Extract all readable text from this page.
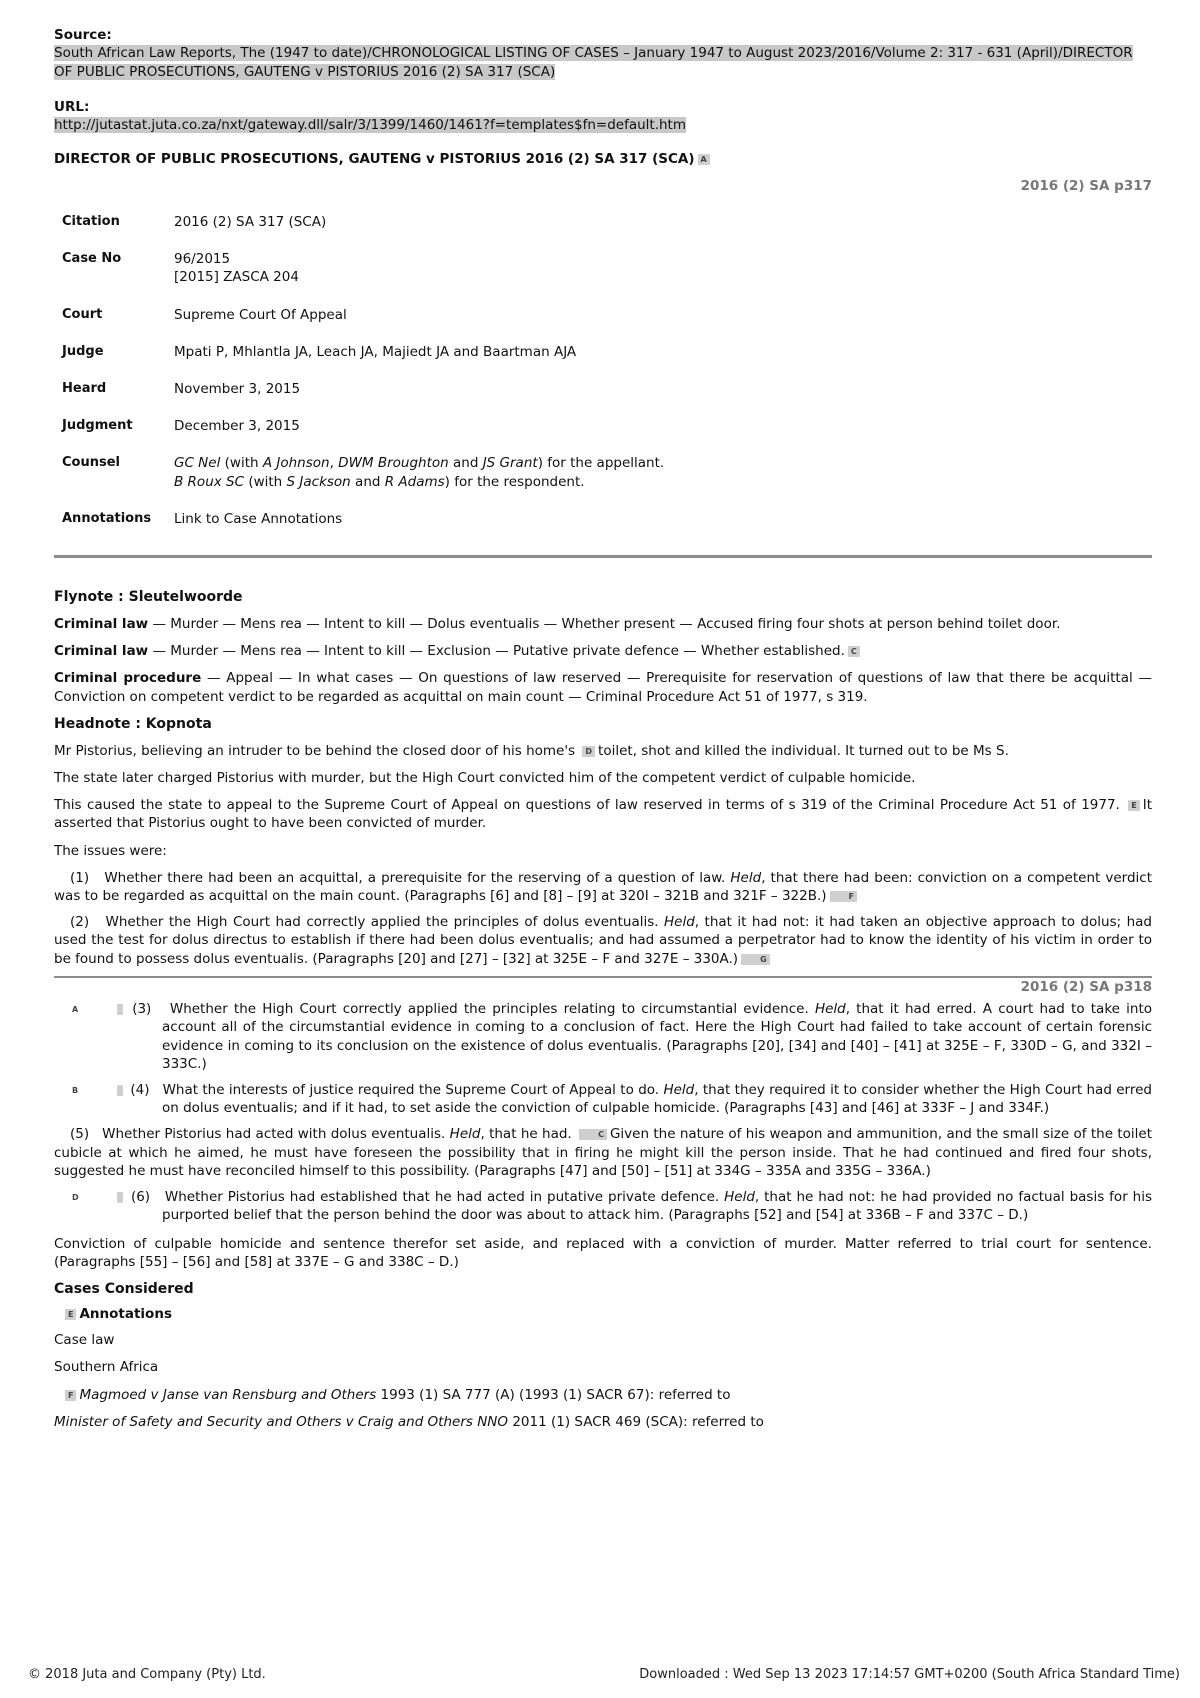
Source:
South African Law Reports, The (1947 to date)/CHRONOLOGICAL LISTING OF CASES – January 1947 to August 2023/2016/Volume 2: 317 - 631 (April)/DIRECTOR OF PUBLIC PROSECUTIONS, GAUTENG v PISTORIUS 2016 (2) SA 317 (SCA)
URL:
http://jutastat.juta.co.za/nxt/gateway.dll/salr/3/1399/1460/1461?f=templates$fn=default.htm
DIRECTOR OF PUBLIC PROSECUTIONS, GAUTENG v PISTORIUS 2016 (2) SA 317 (SCA) A
2016 (2) SA p317
Citation	2016 (2) SA 317 (SCA)
Case No	96/2015
[2015] ZASCA 204

Court	Supreme Court Of Appeal
Judge	Mpati P, Mhlantla JA, Leach JA, Majiedt JA and Baartman AJA
Heard	November 3, 2015
Judgment	December 3, 2015
Counsel	GC Nel (with A Johnson, DWM Broughton and JS Grant) for the appellant.
B Roux SC (with S Jackson and R Adams) for the respondent.

Annotations	Link to Case Annotations
Flynote : Sleutelwoorde

Criminal law — Murder — Mens rea — Intent to kill — Dolus eventualis — Whether present — Accused firing four shots at person behind toilet door.

Criminal law — Murder — Mens rea — Intent to kill — Exclusion — Putative private defence — Whether established. C

Criminal procedure — Appeal — In what cases — On questions of law reserved — Prerequisite for reservation of questions of law that there be acquittal — Conviction on competent verdict to be regarded as acquittal on main count — Criminal Procedure Act 51 of 1977, s 319.

Headnote : Kopnota

Mr Pistorius, believing an intruder to be behind the closed door of his home's D toilet, shot and killed the individual. It turned out to be Ms S.

The state later charged Pistorius with murder, but the High Court convicted him of the competent verdict of culpable homicide.

This caused the state to appeal to the Supreme Court of Appeal on questions of law reserved in terms of s 319 of the Criminal Procedure Act 51 of 1977. E It asserted that Pistorius ought to have been convicted of murder.

The issues were:

(1) Whether there had been an acquittal, a prerequisite for the reserving of a question of law. Held, that there had been: conviction on a competent verdict was to be regarded as acquittal on the main count. (Paragraphs [6] and [8] – [9] at 320I – 321B and 321F – 322B.)	F
(2) Whether the High Court had correctly applied the principles of dolus eventualis. Held, that it had not: it had taken an objective approach to dolus; had used the test for dolus directus to establish if there had been dolus eventualis; and had assumed a perpetrator had to know the identity of his victim in order to be found to possess dolus eventualis. (Paragraphs [20] and [27] – [32] at 325E – F and 327E – 330A.)	G
2016 (2) SA p318
A	(3) Whether the High Court correctly applied the principles relating to circumstantial evidence. Held, that it had erred. A court had to take into account all of the circumstantial evidence in coming to a conclusion of fact. Here the High Court had failed to take account of certain forensic evidence in coming to its conclusion on the existence of dolus eventualis. (Paragraphs [20], [34] and [40] – [41] at 325E – F, 330D – G, and 332I – 333C.)
B	(4) What the interests of justice required the Supreme Court of Appeal to do. Held, that they required it to consider whether the High Court had erred on dolus eventualis; and if it had, to set aside the conviction of culpable homicide. (Paragraphs [43] and [46] at 333F – J and 334F.)
(5) Whether Pistorius had acted with dolus eventualis. Held, that he had.	C Given the nature of his weapon and ammunition, and the small size of the toilet cubicle at which he aimed, he must have foreseen the possibility that in firing he might kill the person inside. That he had continued and fired four shots, suggested he must have reconciled himself to this possibility. (Paragraphs [47] and [50] – [51] at 334G – 335A and 335G – 336A.)
D	(6) Whether Pistorius had established that he had acted in putative private defence. Held, that he had not: he had provided no factual basis for his purported belief that the person behind the door was about to attack him. (Paragraphs [52] and [54] at 336B – F and 337C – D.)

Conviction of culpable homicide and sentence therefor set aside, and replaced with a conviction of murder. Matter referred to trial court for sentence. (Paragraphs [55] – [56] and [58] at 337E – G and 338C – D.)

Cases Considered
E Annotations

Case law

Southern Africa

F Magmoed v Janse van Rensburg and Others 1993 (1) SA 777 (A) (1993 (1) SACR 67): referred to

Minister of Safety and Security and Others v Craig and Others NNO 2011 (1) SACR 469 (SCA): referred to

© 2018 Juta and Company (Pty) Ltd.	Downloaded : Wed Sep 13 2023 17:14:57 GMT+0200 (South Africa Standard Time)
